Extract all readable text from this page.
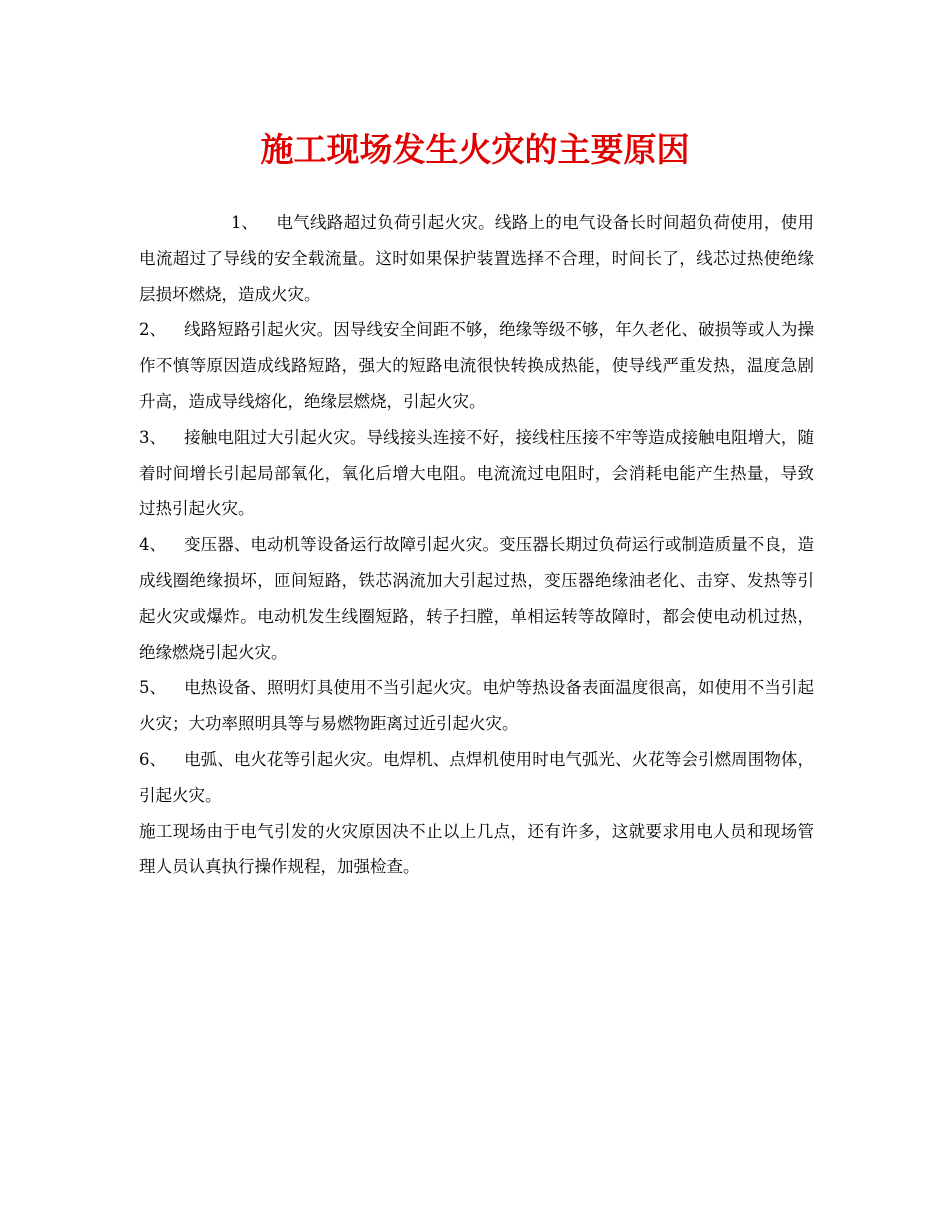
施工现场发生火灾的主要原因

1、 电气线路超过负荷引起火灾。线路上的电气设备长时间超负荷使用，使用电流超过了导线的安全载流量。这时如果保护装置选择不合理，时间长了，线芯过热使绝缘层损坏燃烧，造成火灾。

2、 线路短路引起火灾。因导线安全间距不够，绝缘等级不够，年久老化、破损等或人为操作不慎等原因造成线路短路，强大的短路电流很快转换成热能，使导线严重发热，温度急剧升高，造成导线熔化，绝缘层燃烧，引起火灾。

3、 接触电阻过大引起火灾。导线接头连接不好，接线柱压接不牢等造成接触电阻增大，随着时间增长引起局部氧化，氧化后增大电阻。电流流过电阻时，会消耗电能产生热量，导致过热引起火灾。

4、 变压器、电动机等设备运行故障引起火灾。变压器长期过负荷运行或制造质量不良，造成线圈绝缘损坏，匝间短路，铁芯涡流加大引起过热，变压器绝缘油老化、击穿、发热等引起火灾或爆炸。电动机发生线圈短路，转子扫膛，单相运转等故障时，都会使电动机过热，绝缘燃烧引起火灾。

5、 电热设备、照明灯具使用不当引起火灾。电炉等热设备表面温度很高，如使用不当引起火灾；大功率照明具等与易燃物距离过近引起火灾。

6、 电弧、电火花等引起火灾。电焊机、点焊机使用时电气弧光、火花等会引燃周围物体，引起火灾。

施工现场由于电气引发的火灾原因决不止以上几点，还有许多，这就要求用电人员和现场管理人员认真执行操作规程，加强检查。
